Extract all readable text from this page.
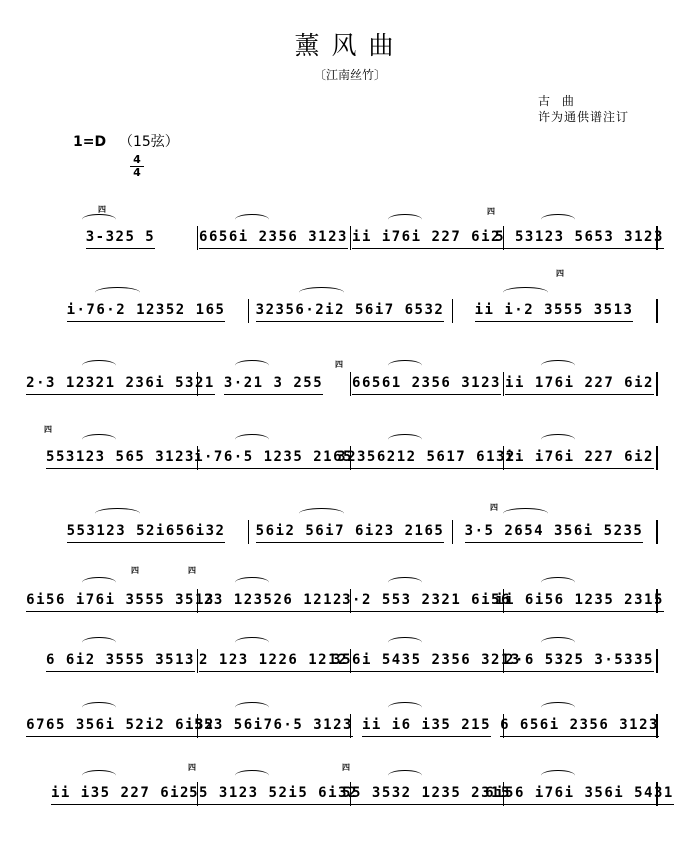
薰风曲
〔江南丝竹〕
古 曲
许为通供谱注订
1=D （15弦）
$\frac{4}{4}$
3-325 5	6656i 2356 3123 ii i76i 227 6i2
5 53123 5653 3123
i·76·2 12352 165 32356·2i2 56i7 6532 ii i·2 3555 3513
2·3 12321 236i 5321 3·21 3 255 66561 2356 3123 ii 176i 227 6i2
553123 565 3123 i·76·5 1235 2165
32356212 5617 6132
ii i76i 227 6i2
553123 52i656i32 56i2 56i7 6i23 2165 3·5 2654 356i 5235
6i56 i76i 3555 3513
23 123526 1212 3·2 553 2321 6i56
ii 6i56 1235 2315
6 6i2 3555 3513 2 123 1226 1212
356i 5435 2356 3213
2·6 5325 3·5335
6765 356i 52i2 6i32
553 56i76·5 3123 ii i6 i35 215 6 656i 2356 3123
ii i35 227 6i2 55 3123 52i5 6i32
55 3532 1235 2315
6i56 i76i 356i 5431
四	四
四
四
四
四
四	四
四	四
